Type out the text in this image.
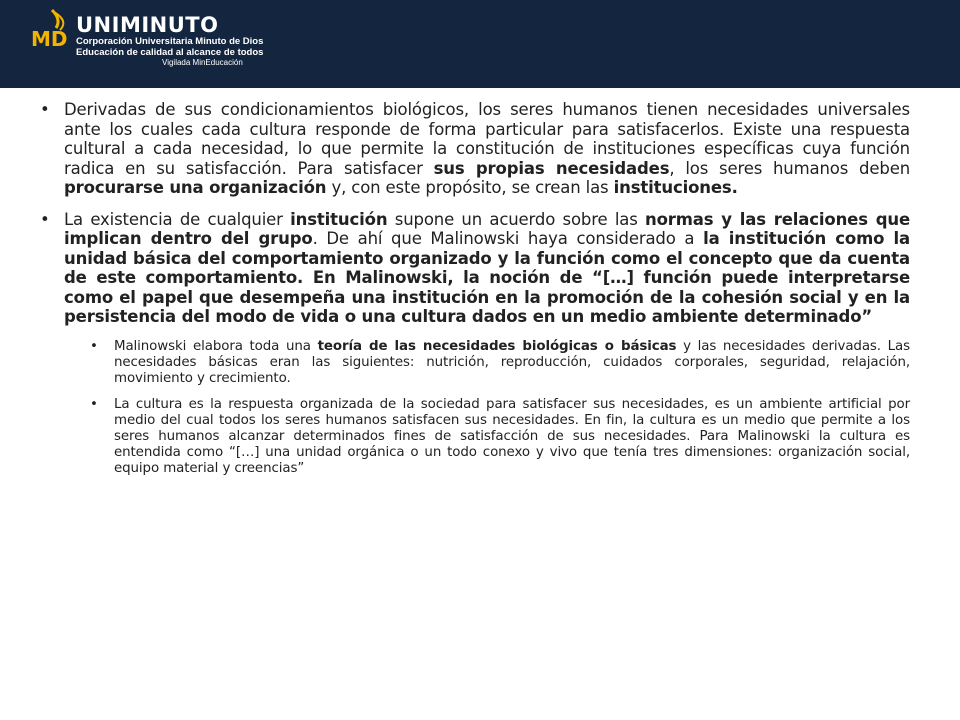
MD
UNIMINUTO
Corporación Universitaria Minuto de Dios
Educación de calidad al alcance de todos
Vigilada MinEducación
• Derivadas de sus condicionamientos biológicos, los seres humanos tienen necesidades universales ante los cuales cada cultura responde de forma particular para satisfacerlos. Existe una respuesta cultural a cada necesidad, lo que permite la constitución de instituciones específicas cuya función radica en su satisfacción. Para satisfacer sus propias necesidades, los seres humanos deben procurarse una organización y, con este propósito, se crean las instituciones.
• La existencia de cualquier institución supone un acuerdo sobre las normas y las relaciones que implican dentro del grupo. De ahí que Malinowski haya considerado a la institución como la unidad básica del comportamiento organizado y la función como el concepto que da cuenta de este comportamiento. En Malinowski, la noción de “[…] función puede interpretarse como el papel que desempeña una institución en la promoción de la cohesión social y en la persistencia del modo de vida o una cultura dados en un medio ambiente determinado”
• Malinowski elabora toda una teoría de las necesidades biológicas o básicas y las necesidades derivadas. Las necesidades básicas eran las siguientes: nutrición, reproducción, cuidados corporales, seguridad, relajación, movimiento y crecimiento.
• La cultura es la respuesta organizada de la sociedad para satisfacer sus necesidades, es un ambiente artificial por medio del cual todos los seres humanos satisfacen sus necesidades. En fin, la cultura es un medio que permite a los seres humanos alcanzar determinados fines de satisfacción de sus necesidades. Para Malinowski la cultura es entendida como “[…] una unidad orgánica o un todo conexo y vivo que tenía tres dimensiones: organización social, equipo material y creencias”
